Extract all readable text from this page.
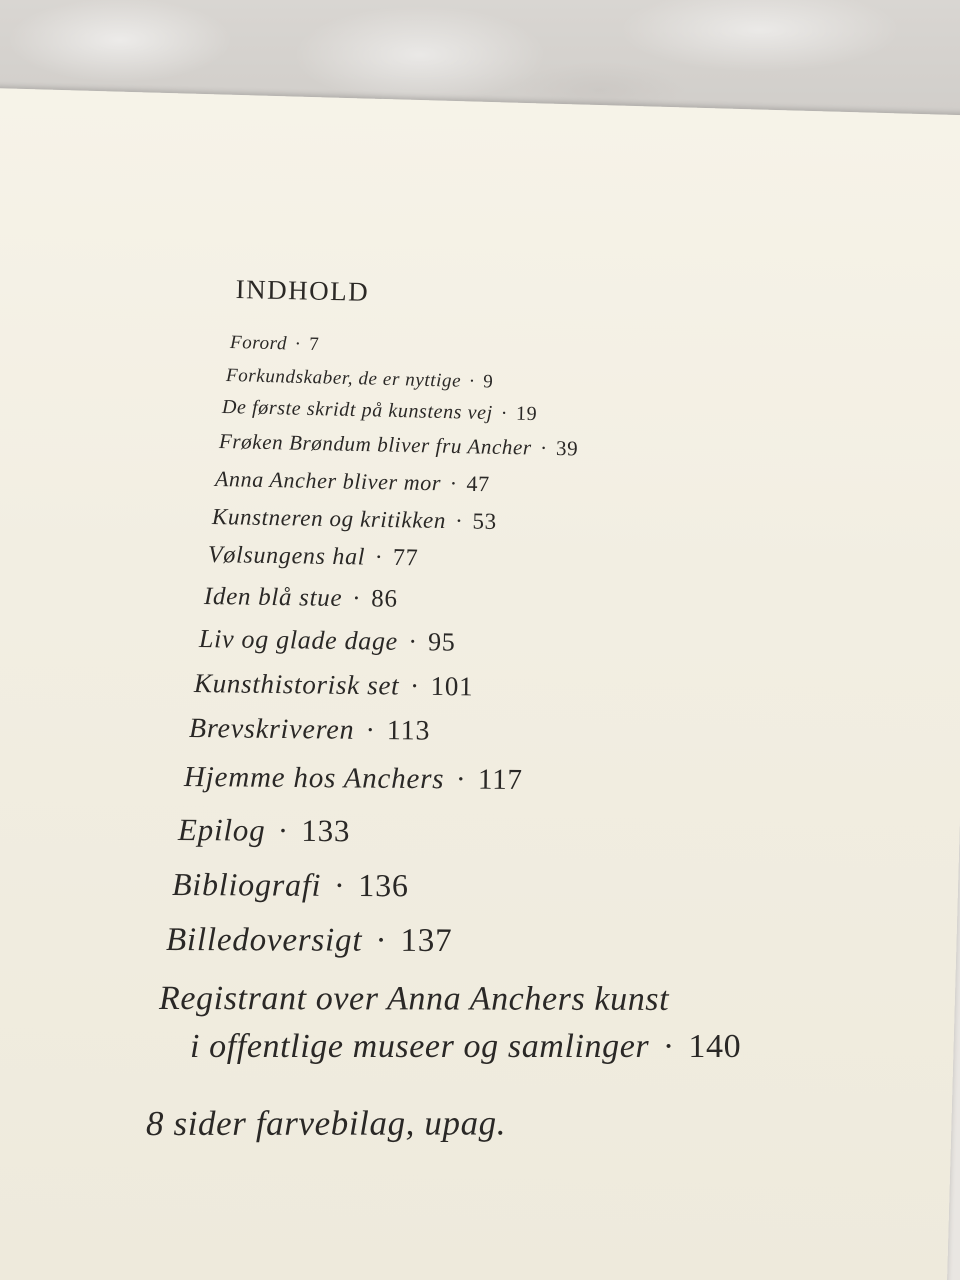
INDHOLD
Forord · 7
Forkundskaber, de er nyttige · 9
De første skridt på kunstens vej · 19
Frøken Brøndum bliver fru Ancher · 39
Anna Ancher bliver mor · 47
Kunstneren og kritikken · 53
Vølsungens hal · 77
Iden blå stue · 86
Liv og glade dage · 95
Kunsthistorisk set · 101
Brevskriveren · 113
Hjemme hos Anchers · 117
Epilog · 133
Bibliografi · 136
Billedoversigt · 137
Registrant over Anna Anchers kunst
i offentlige museer og samlinger · 140
8 sider farvebilag, upag.
